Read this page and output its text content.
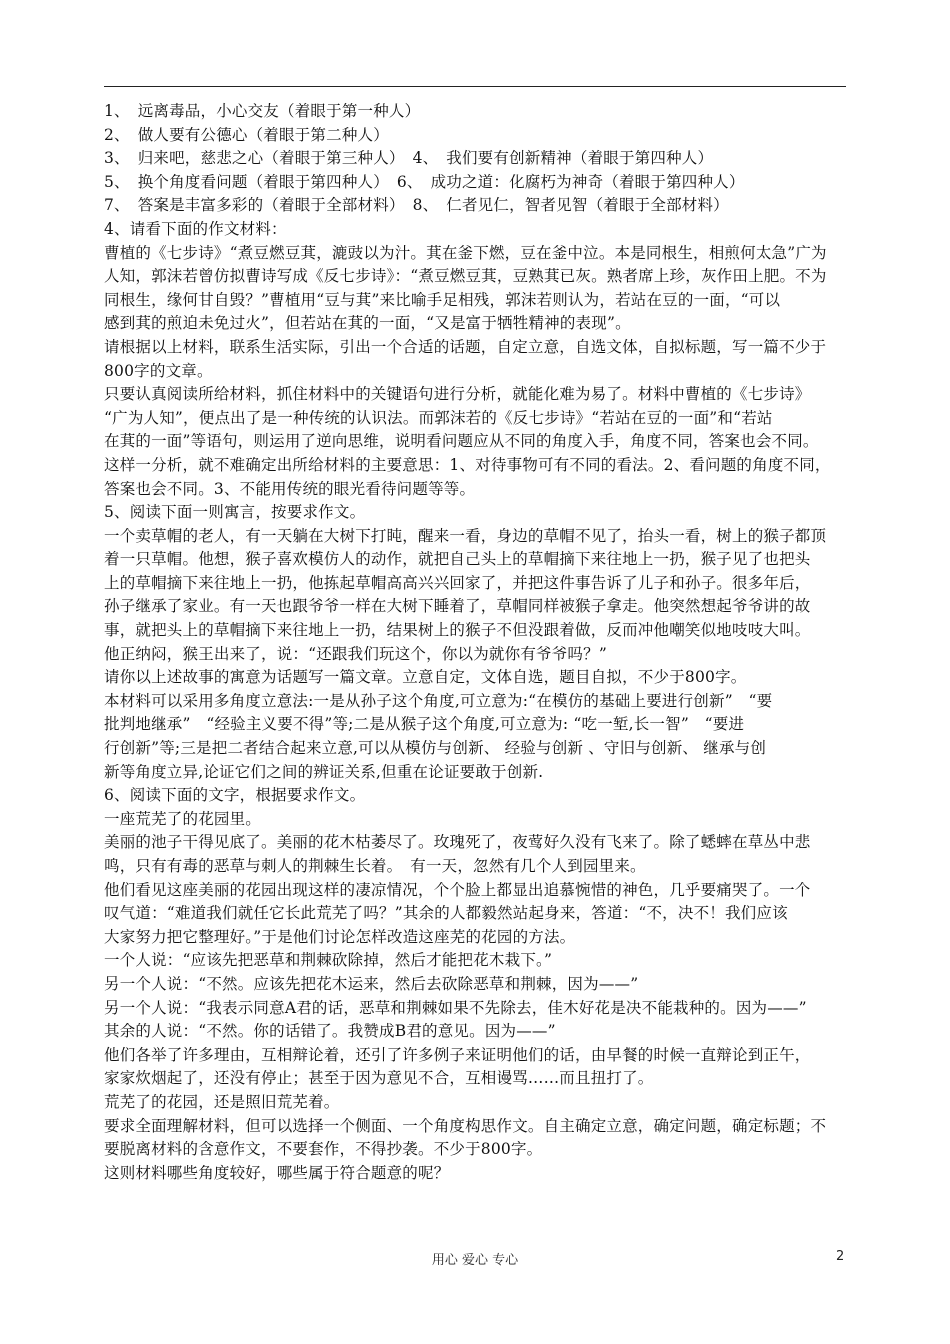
1、　远离毒品，小心交友（着眼于第一种人）
2、　做人要有公德心（着眼于第二种人）
3、　归来吧，慈悲之心（着眼于第三种人）　4、　我们要有创新精神（着眼于第四种人）
5、　换个角度看问题（着眼于第四种人）　6、　成功之道：化腐朽为神奇（着眼于第四种人）
7、　答案是丰富多彩的（着眼于全部材料）　8、　仁者见仁，智者见智（着眼于全部材料）
4、请看下面的作文材料：
曹植的《七步诗》“煮豆燃豆萁，漉豉以为汁。萁在釜下燃，豆在釜中泣。本是同根生，相煎何太急”广为
人知，郭沫若曾仿拟曹诗写成《反七步诗》：“煮豆燃豆萁，豆熟萁已灰。熟者席上珍，灰作田上肥。不为
同根生，缘何甘自毁？”曹植用“豆与萁”来比喻手足相残，郭沫若则认为，若站在豆的一面，“可以
感到萁的煎迫未免过火”，但若站在萁的一面，“又是富于牺牲精神的表现”。
请根据以上材料，联系生活实际，引出一个合适的话题，自定立意，自选文体，自拟标题，写一篇不少于
800字的文章。
只要认真阅读所给材料，抓住材料中的关键语句进行分析，就能化难为易了。材料中曹植的《七步诗》
“广为人知”，便点出了是一种传统的认识法。而郭沫若的《反七步诗》“若站在豆的一面”和“若站
在萁的一面”等语句，则运用了逆向思维，说明看问题应从不同的角度入手，角度不同，答案也会不同。
这样一分析，就不难确定出所给材料的主要意思：1、对待事物可有不同的看法。2、看问题的角度不同，
答案也会不同。3、不能用传统的眼光看待问题等等。
5、阅读下面一则寓言，按要求作文。
一个卖草帽的老人，有一天躺在大树下打盹，醒来一看，身边的草帽不见了，抬头一看，树上的猴子都顶
着一只草帽。他想，猴子喜欢模仿人的动作，就把自己头上的草帽摘下来往地上一扔，猴子见了也把头
上的草帽摘下来往地上一扔，他拣起草帽高高兴兴回家了，并把这件事告诉了儿子和孙子。很多年后，
孙子继承了家业。有一天也跟爷爷一样在大树下睡着了，草帽同样被猴子拿走。他突然想起爷爷讲的故
事，就把头上的草帽摘下来往地上一扔，结果树上的猴子不但没跟着做，反而冲他嘲笑似地吱吱大叫。
他正纳闷，猴王出来了，说：“还跟我们玩这个，你以为就你有爷爷吗？”
请你以上述故事的寓意为话题写一篇文章。立意自定，文体自选，题目自拟，不少于800字。
本材料可以采用多角度立意法:一是从孙子这个角度,可立意为:“在模仿的基础上要进行创新”　“要
批判地继承”　“经验主义要不得”等;二是从猴子这个角度,可立意为: “吃一堑,长一智”　“要进
行创新”等;三是把二者结合起来立意,可以从模仿与创新、 经验与创新 、守旧与创新、 继承与创
新等角度立异,论证它们之间的辨证关系,但重在论证要敢于创新.
6、阅读下面的文字，根据要求作文。
一座荒芜了的花园里。
美丽的池子干得见底了。美丽的花木枯萎尽了。玫瑰死了，夜莺好久没有飞来了。除了蟋蟀在草丛中悲
鸣，只有有毒的恶草与刺人的荆棘生长着。　有一天，忽然有几个人到园里来。
他们看见这座美丽的花园出现这样的凄凉情况，个个脸上都显出追慕惋惜的神色，几乎要痛哭了。一个
叹气道：“难道我们就任它长此荒芜了吗？”其余的人都毅然站起身来，答道：“不，决不！我们应该
大家努力把它整理好。”于是他们讨论怎样改造这座芜的花园的方法。
一个人说：“应该先把恶草和荆棘砍除掉，然后才能把花木栽下。”
另一个人说：“不然。应该先把花木运来，然后去砍除恶草和荆棘，因为——”
另一个人说：“我表示同意A君的话，恶草和荆棘如果不先除去，佳木好花是决不能栽种的。因为——”
其余的人说：“不然。你的话错了。我赞成B君的意见。因为——”
他们各举了许多理由，互相辩论着，还引了许多例子来证明他们的话，由早餐的时候一直辩论到正午，
家家炊烟起了，还没有停止；甚至于因为意见不合，互相谩骂……而且扭打了。
荒芜了的花园，还是照旧荒芜着。
要求全面理解材料，但可以选择一个侧面、一个角度构思作文。自主确定立意，确定问题，确定标题；不
要脱离材料的含意作文，不要套作，不得抄袭。不少于800字。
这则材料哪些角度较好，哪些属于符合题意的呢？
用心 爱心 专心	2
